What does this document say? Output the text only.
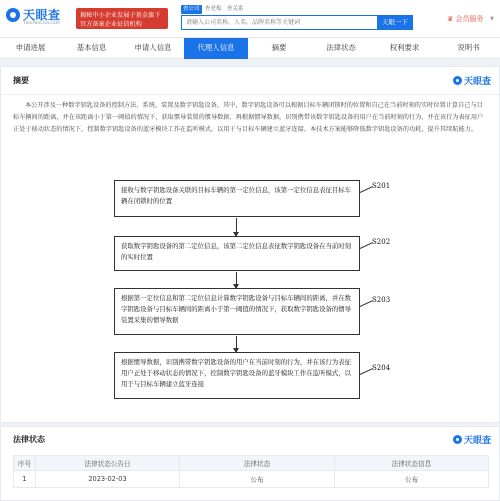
天眼查
TianYanCha.com
揭秘中小企业发展子基金旗下
官方备案企业征信机构
查公司 查老板 查关系
请输入公司名称、人名、品牌名称等关键词
天眼一下	♛ 会员服务 ▼
申请进展	基本信息	申请人信息	代理人信息	摘要	法律状态	权利要求	说明书
摘要	天眼查
本公开涉及一种数字钥匙设备的控制方法、系统、装置及数字钥匙设备，其中，数字钥匙设备可以根据目标车辆闭锁时的位置和自己在当前时刻的实时位置计算自己与目标车辆间的距离，并在该距离小于第一阈值的情况下，获取惯导装置的惯导数据，再根据惯导数据，识别携带该数字钥匙设备的用户在当前时刻的行为，并在该行为表征用户正处于移动状态的情况下，控制数字钥匙设备的蓝牙模块工作在监听模式，以用于与目标车辆建立蓝牙连接。本技术方案能够降低数字钥匙设备的功耗，提升其续航能力。
接收与数字钥匙设备关联的目标车辆的第一定位信息，该第一定位信息表征目标车辆在闭锁时的位置
获取数字钥匙设备的第二定位信息，该第二定位信息表征数字钥匙设备在当前时刻的实时位置
根据第一定位信息和第二定位信息计算数字钥匙设备与目标车辆间的距离，并在数字钥匙设备与目标车辆间的距离小于第一阈值的情况下，获取数字钥匙设备的惯导装置采集的惯导数据
根据惯导数据，识别携带数字钥匙设备的用户在当前时刻的行为，并在该行为表征用户正处于移动状态的情况下，控制数字钥匙设备的蓝牙模块工作在监听模式，以用于与目标车辆建立蓝牙连接
S201
S202
S203
S204
法律状态	天眼查
序号	法律状态公告日	法律状态	法律状态信息
1	2023-02-03	公布	公布
